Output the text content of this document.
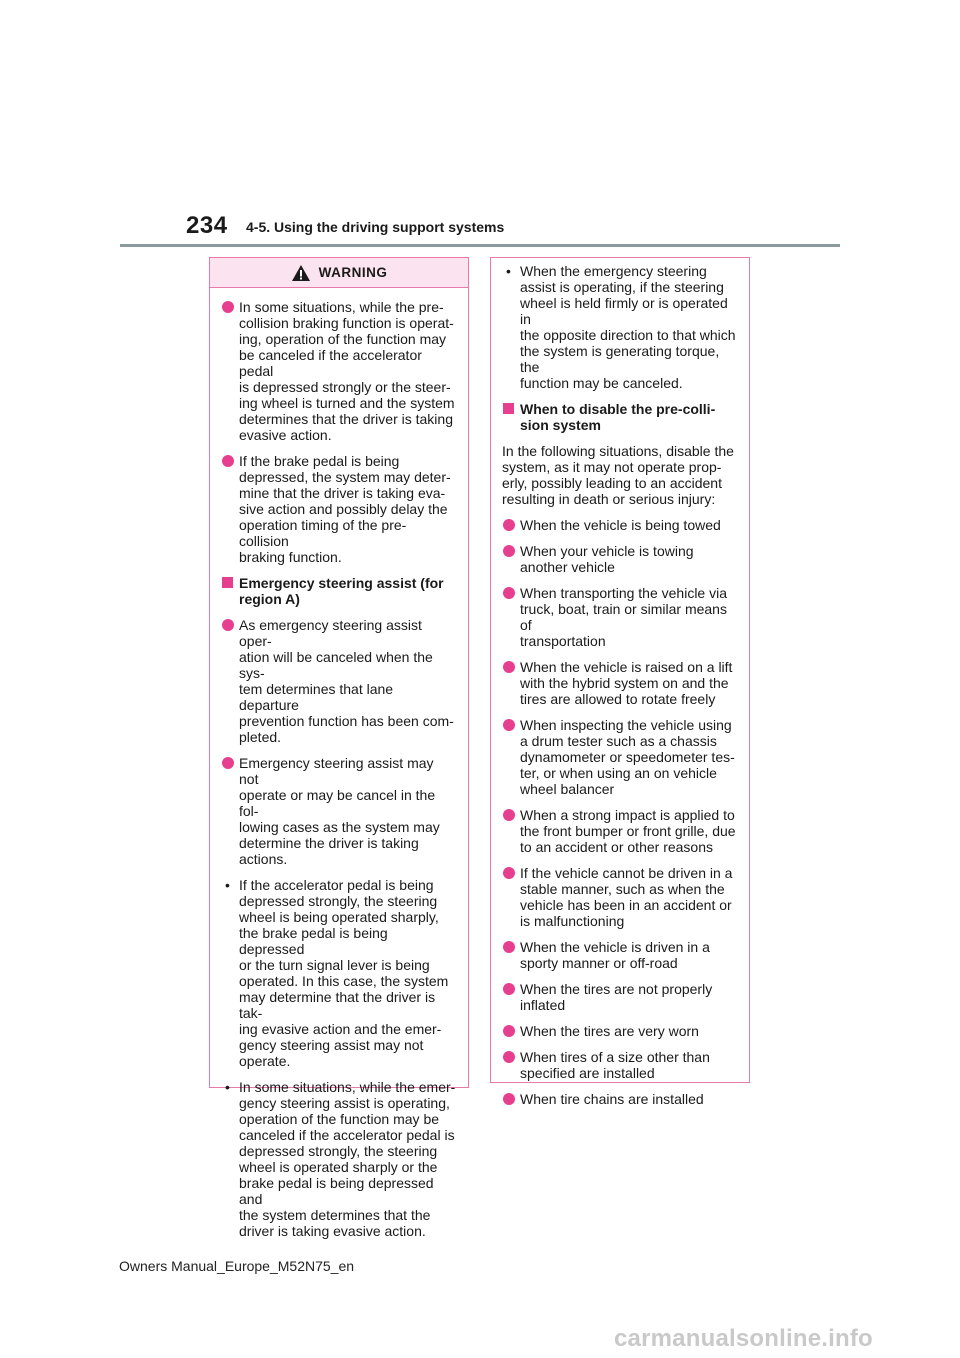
234 4-5. Using the driving support systems
WARNING
In some situations, while the pre-
collision braking function is operat-
ing, operation of the function may
be canceled if the accelerator pedal
is depressed strongly or the steer-
ing wheel is turned and the system
determines that the driver is taking
evasive action.
If the brake pedal is being
depressed, the system may deter-
mine that the driver is taking eva-
sive action and possibly delay the
operation timing of the pre-collision
braking function.
Emergency steering assist (for
region A)
As emergency steering assist oper-
ation will be canceled when the sys-
tem determines that lane departure
prevention function has been com-
pleted.
Emergency steering assist may not
operate or may be cancel in the fol-
lowing cases as the system may
determine the driver is taking
actions.
• If the accelerator pedal is being
depressed strongly, the steering
wheel is being operated sharply,
the brake pedal is being depressed
or the turn signal lever is being
operated. In this case, the system
may determine that the driver is tak-
ing evasive action and the emer-
gency steering assist may not
operate.
• In some situations, while the emer-
gency steering assist is operating,
operation of the function may be
canceled if the accelerator pedal is
depressed strongly, the steering
wheel is operated sharply or the
brake pedal is being depressed and
the system determines that the
driver is taking evasive action.
• When the emergency steering
assist is operating, if the steering
wheel is held firmly or is operated in
the opposite direction to that which
the system is generating torque, the
function may be canceled.
When to disable the pre-colli-
sion system
In the following situations, disable the
system, as it may not operate prop-
erly, possibly leading to an accident
resulting in death or serious injury:
When the vehicle is being towed
When your vehicle is towing
another vehicle
When transporting the vehicle via
truck, boat, train or similar means of
transportation
When the vehicle is raised on a lift
with the hybrid system on and the
tires are allowed to rotate freely
When inspecting the vehicle using
a drum tester such as a chassis
dynamometer or speedometer tes-
ter, or when using an on vehicle
wheel balancer
When a strong impact is applied to
the front bumper or front grille, due
to an accident or other reasons
If the vehicle cannot be driven in a
stable manner, such as when the
vehicle has been in an accident or
is malfunctioning
When the vehicle is driven in a
sporty manner or off-road
When the tires are not properly
inflated
When the tires are very worn
When tires of a size other than
specified are installed
When tire chains are installed
Owners Manual_Europe_M52N75_en
carmanualsonline.info
